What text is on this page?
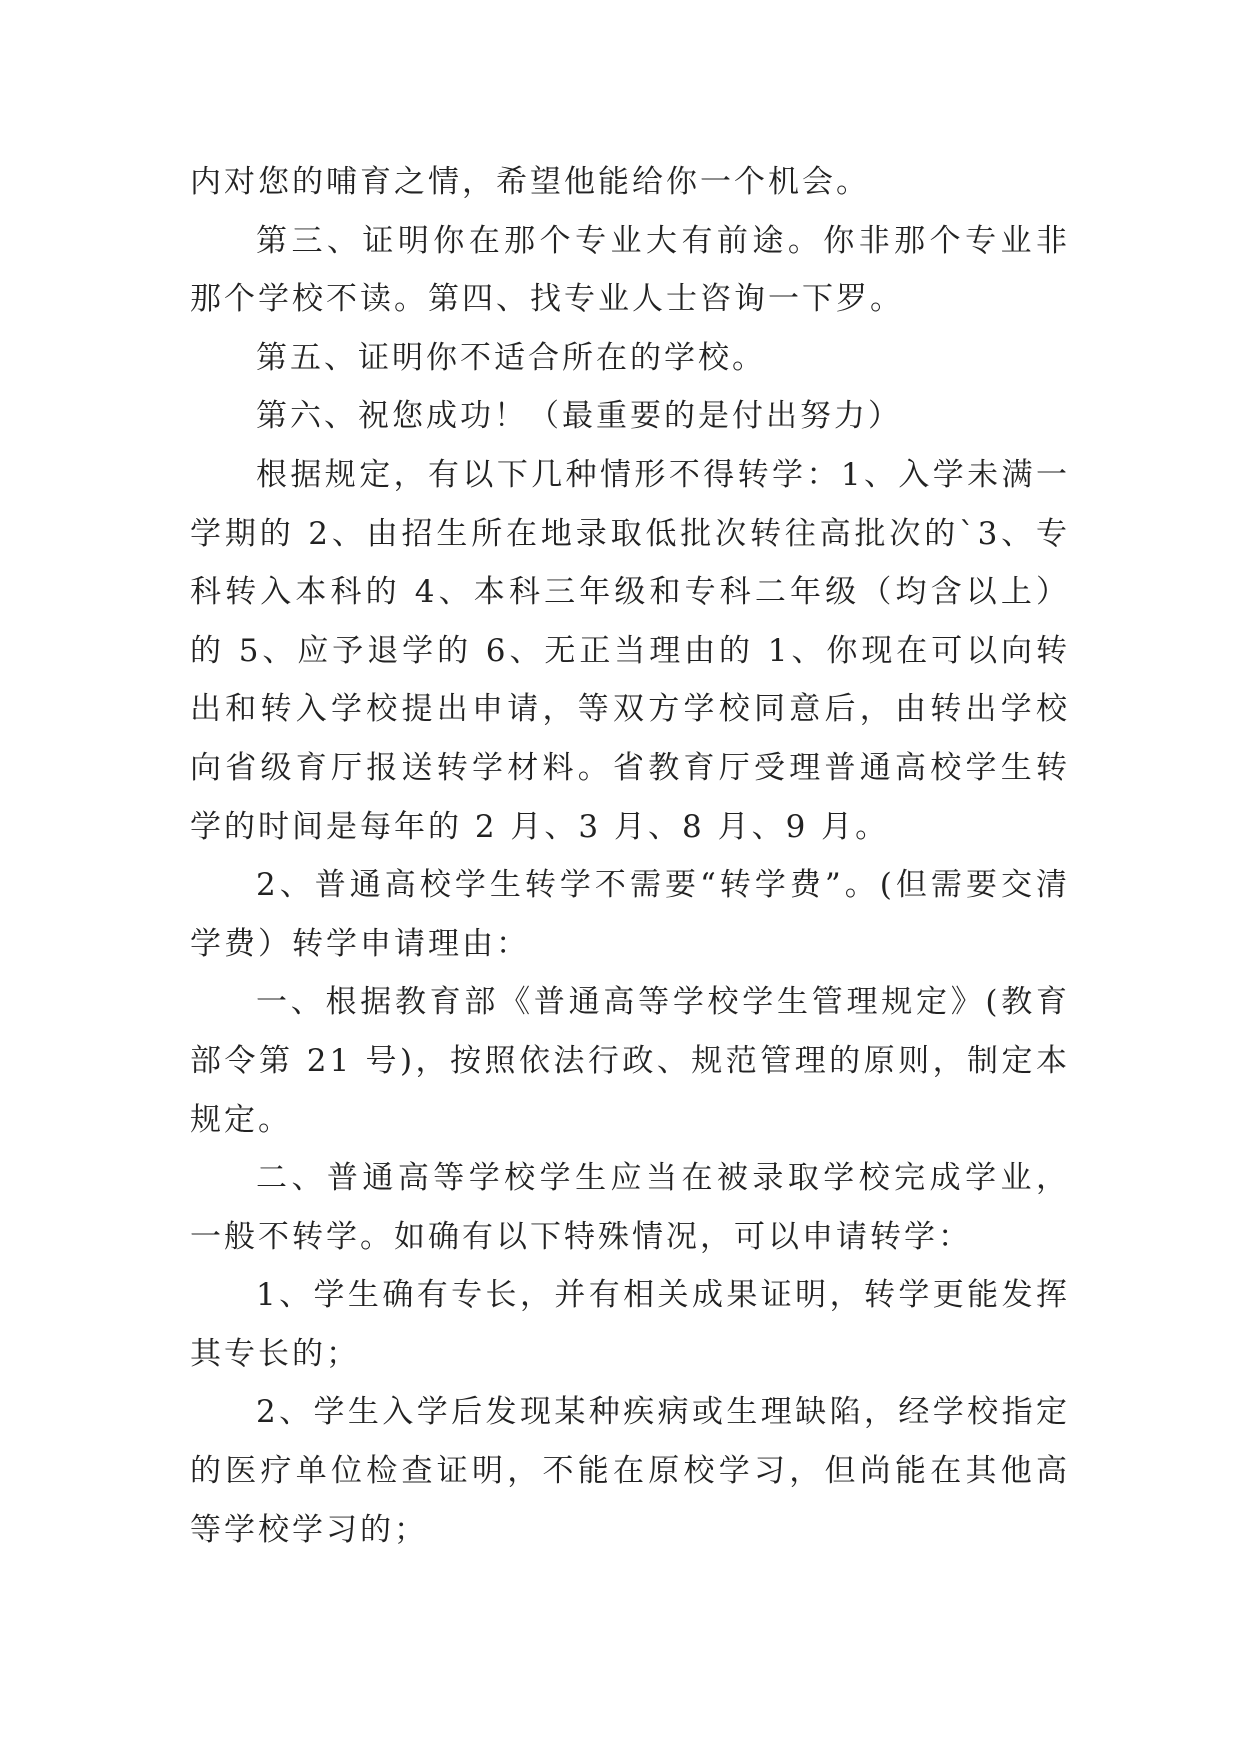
内对您的哺育之情，希望他能给你一个机会。

第三、证明你在那个专业大有前途。你非那个专业非那个学校不读。第四、找专业人士咨询一下罗。

第五、证明你不适合所在的学校。

第六、祝您成功！（最重要的是付出努力）

根据规定，有以下几种情形不得转学：1、入学未满一学期的 2、由招生所在地录取低批次转往高批次的`3、专科转入本科的 4、本科三年级和专科二年级（均含以上）的 5、应予退学的 6、无正当理由的 1、你现在可以向转出和转入学校提出申请，等双方学校同意后，由转出学校向省级育厅报送转学材料。省教育厅受理普通高校学生转学的时间是每年的 2 月、3 月、8 月、9 月。

2、普通高校学生转学不需要“转学费”。(但需要交清学费）转学申请理由：

一、根据教育部《普通高等学校学生管理规定》(教育部令第 21 号)，按照依法行政、规范管理的原则，制定本规定。

二、普通高等学校学生应当在被录取学校完成学业，一般不转学。如确有以下特殊情况，可以申请转学：

1、学生确有专长，并有相关成果证明，转学更能发挥其专长的；

2、学生入学后发现某种疾病或生理缺陷，经学校指定的医疗单位检查证明，不能在原校学习，但尚能在其他高等学校学习的；
